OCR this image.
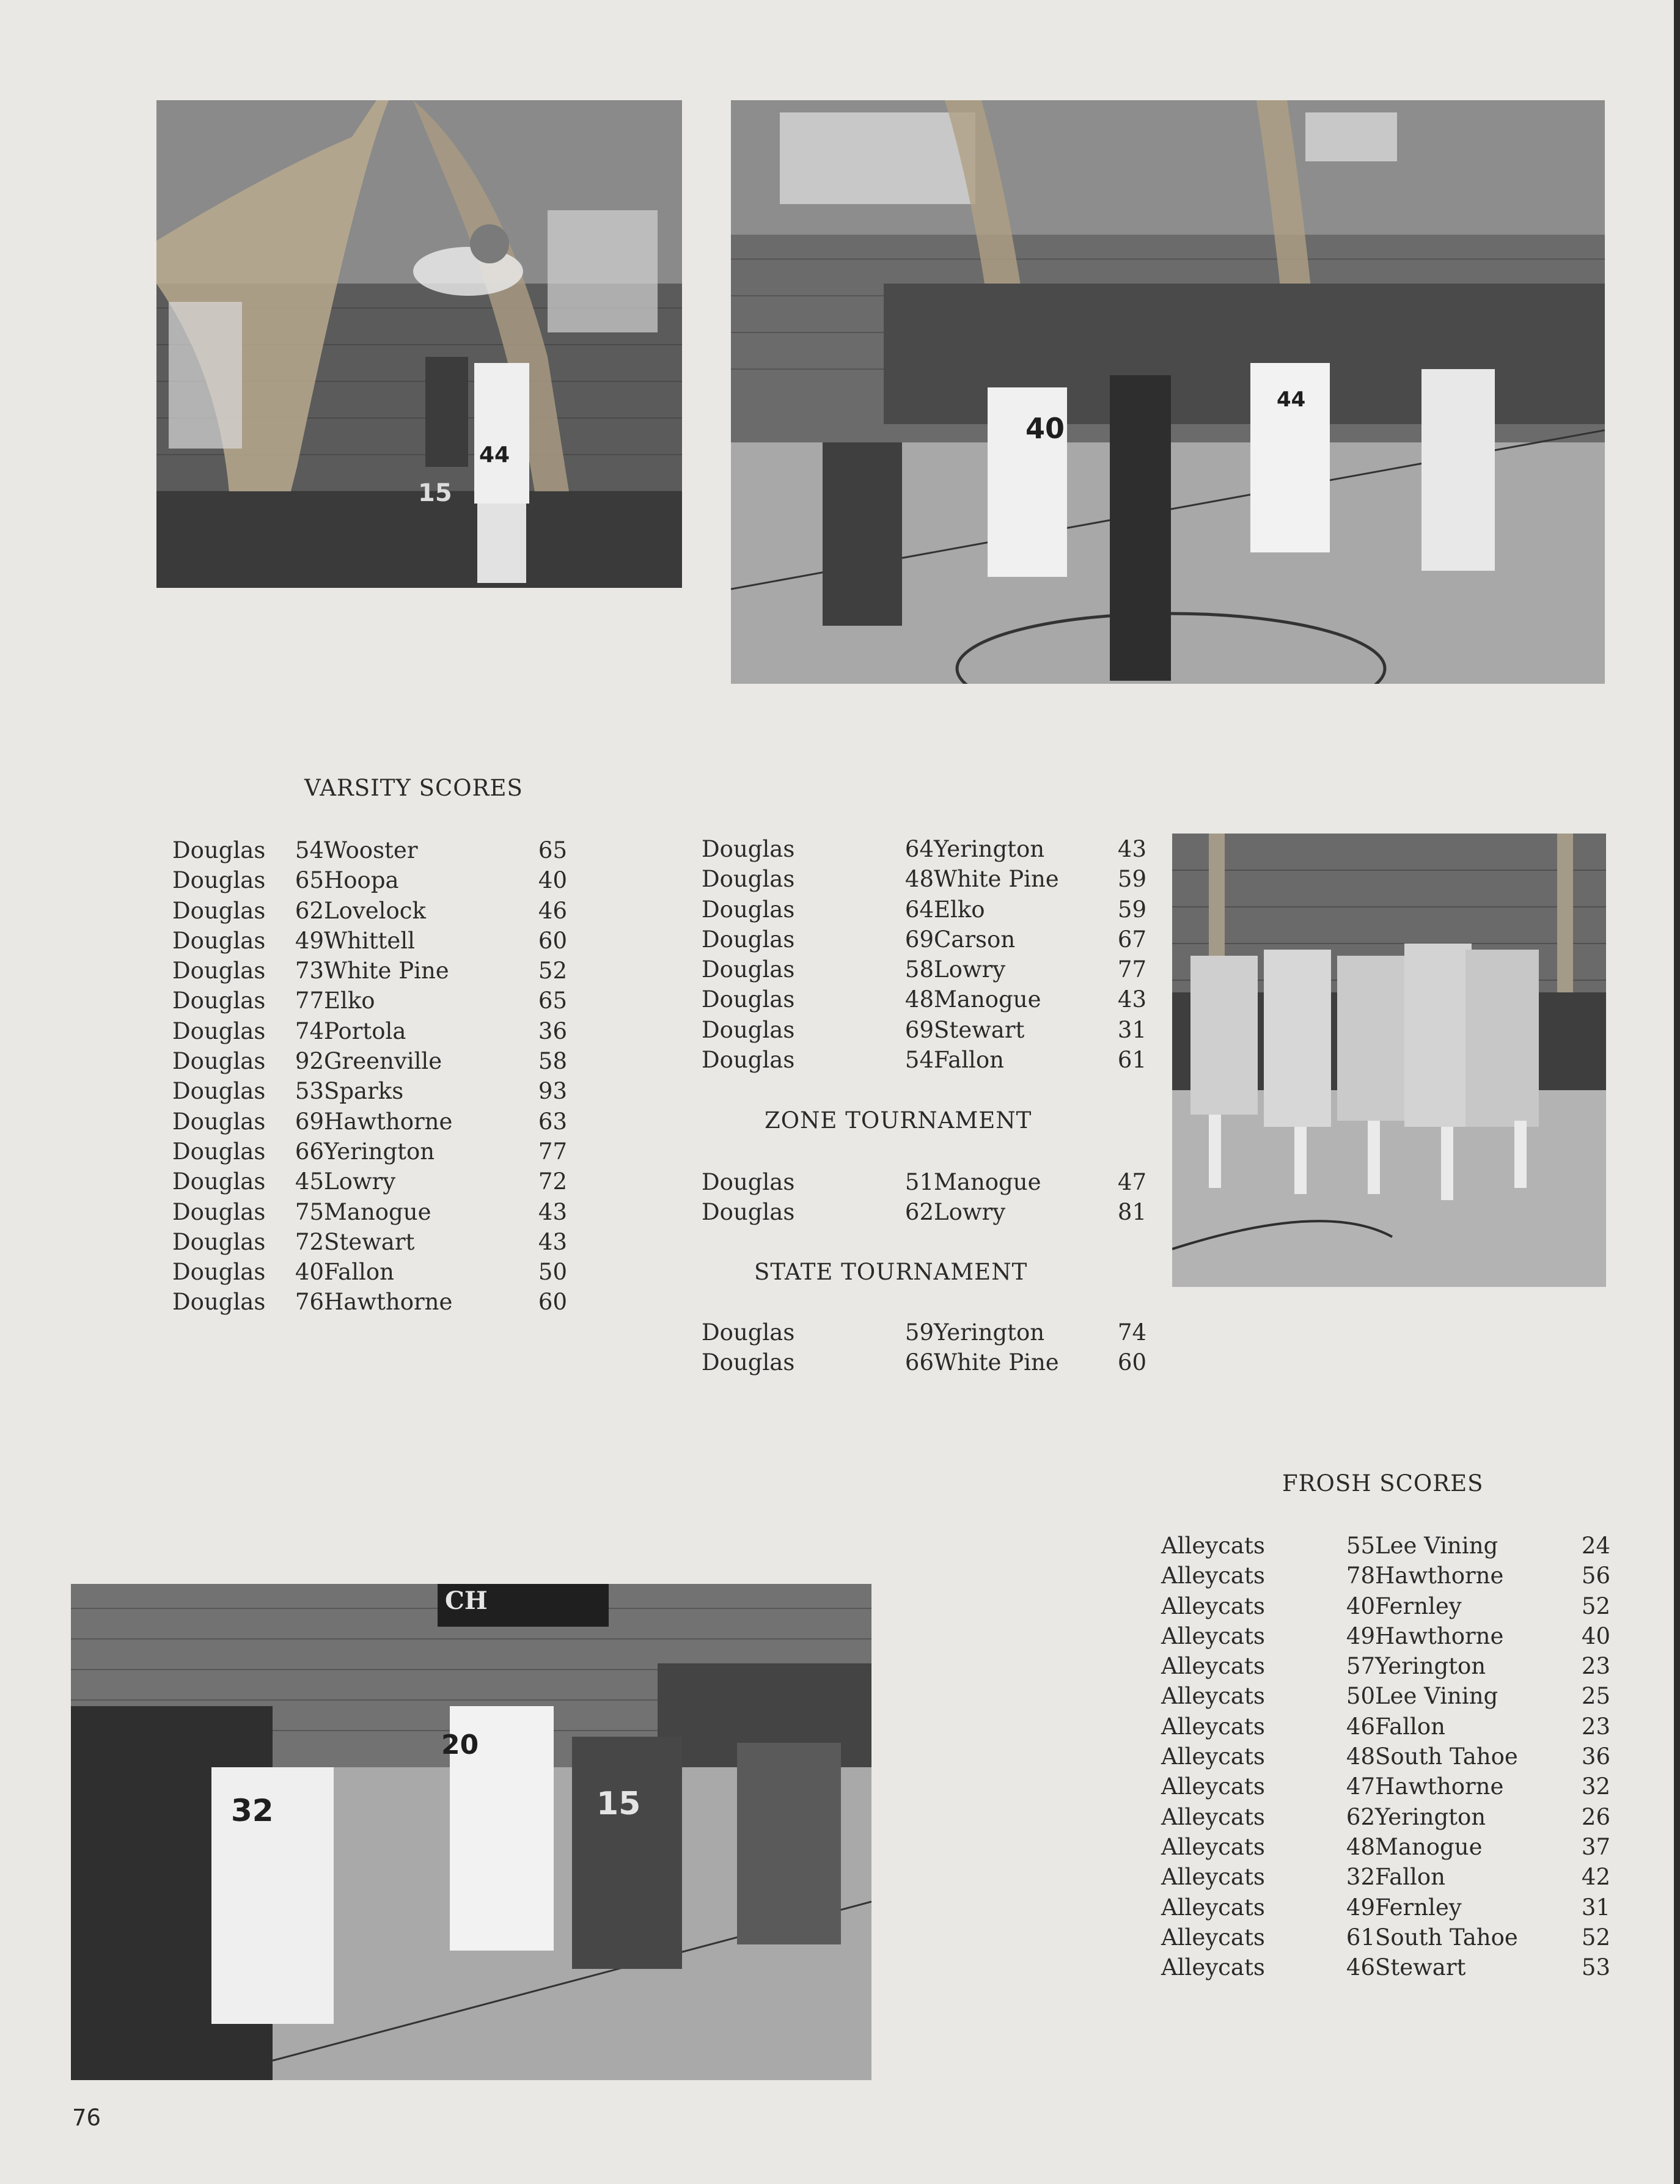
15
44
40
44
CH
32
20
15
VARSITY SCORES
Douglas	54	Wooster	65
Douglas	65	Hoopa	40
Douglas	62	Lovelock	46
Douglas	49	Whittell	60
Douglas	73	White Pine	52
Douglas	77	Elko	65
Douglas	74	Portola	36
Douglas	92	Greenville	58
Douglas	53	Sparks	93
Douglas	69	Hawthorne	63
Douglas	66	Yerington	77
Douglas	45	Lowry	72
Douglas	75	Manogue	43
Douglas	72	Stewart	43
Douglas	40	Fallon	50
Douglas	76	Hawthorne	60
Douglas	64	Yerington	43
Douglas	48	White Pine	59
Douglas	64	Elko	59
Douglas	69	Carson	67
Douglas	58	Lowry	77
Douglas	48	Manogue	43
Douglas	69	Stewart	31
Douglas	54	Fallon	61
ZONE TOURNAMENT
Douglas	51	Manogue	47
Douglas	62	Lowry	81
STATE TOURNAMENT
Douglas	59	Yerington	74
Douglas	66	White Pine	60
FROSH SCORES
Alleycats	55	Lee Vining	24
Alleycats	78	Hawthorne	56
Alleycats	40	Fernley	52
Alleycats	49	Hawthorne	40
Alleycats	57	Yerington	23
Alleycats	50	Lee Vining	25
Alleycats	46	Fallon	23
Alleycats	48	South Tahoe	36
Alleycats	47	Hawthorne	32
Alleycats	62	Yerington	26
Alleycats	48	Manogue	37
Alleycats	32	Fallon	42
Alleycats	49	Fernley	31
Alleycats	61	South Tahoe	52
Alleycats	46	Stewart	53
76
